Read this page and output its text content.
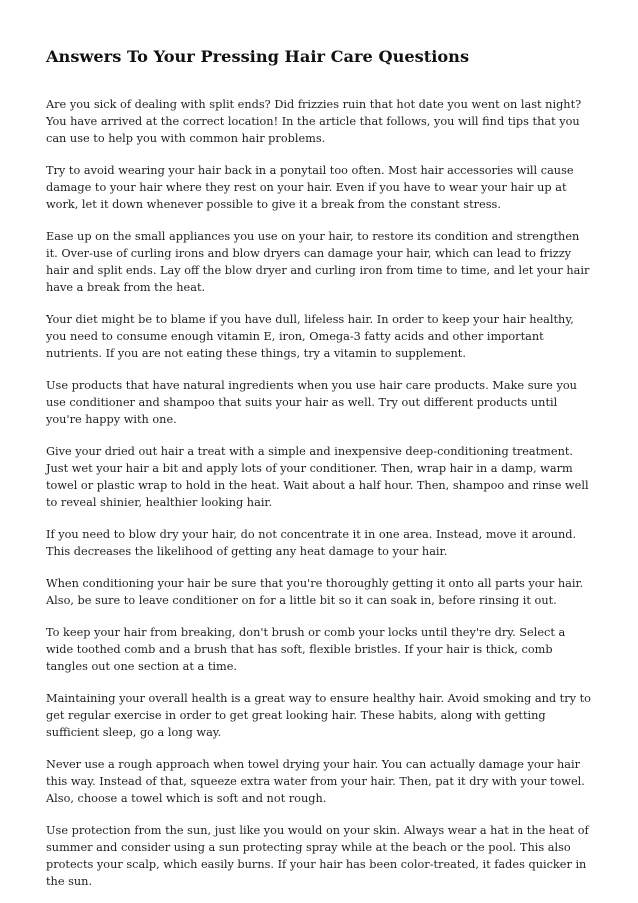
Answers To Your Pressing Hair Care Questions

Are you sick of dealing with split ends? Did frizzies ruin that hot date you went on last night? You have arrived at the correct location! In the article that follows, you will find tips that you can use to help you with common hair problems.

Try to avoid wearing your hair back in a ponytail too often. Most hair accessories will cause damage to your hair where they rest on your hair. Even if you have to wear your hair up at work, let it down whenever possible to give it a break from the constant stress.

Ease up on the small appliances you use on your hair, to restore its condition and strengthen it. Over-use of curling irons and blow dryers can damage your hair, which can lead to frizzy hair and split ends. Lay off the blow dryer and curling iron from time to time, and let your hair have a break from the heat.

Your diet might be to blame if you have dull, lifeless hair. In order to keep your hair healthy, you need to consume enough vitamin E, iron, Omega-3 fatty acids and other important nutrients. If you are not eating these things, try a vitamin to supplement.

Use products that have natural ingredients when you use hair care products. Make sure you use conditioner and shampoo that suits your hair as well. Try out different products until you're happy with one.

Give your dried out hair a treat with a simple and inexpensive deep-conditioning treatment. Just wet your hair a bit and apply lots of your conditioner. Then, wrap hair in a damp, warm towel or plastic wrap to hold in the heat. Wait about a half hour. Then, shampoo and rinse well to reveal shinier, healthier looking hair.

If you need to blow dry your hair, do not concentrate it in one area. Instead, move it around. This decreases the likelihood of getting any heat damage to your hair.

When conditioning your hair be sure that you're thoroughly getting it onto all parts your hair. Also, be sure to leave conditioner on for a little bit so it can soak in, before rinsing it out.

To keep your hair from breaking, don't brush or comb your locks until they're dry. Select a wide toothed comb and a brush that has soft, flexible bristles. If your hair is thick, comb tangles out one section at a time.

Maintaining your overall health is a great way to ensure healthy hair. Avoid smoking and try to get regular exercise in order to get great looking hair. These habits, along with getting sufficient sleep, go a long way.

Never use a rough approach when towel drying your hair. You can actually damage your hair this way. Instead of that, squeeze extra water from your hair. Then, pat it dry with your towel. Also, choose a towel which is soft and not rough.

Use protection from the sun, just like you would on your skin. Always wear a hat in the heat of summer and consider using a sun protecting spray while at the beach or the pool. This also protects your scalp, which easily burns. If your hair has been color-treated, it fades quicker in the sun.
